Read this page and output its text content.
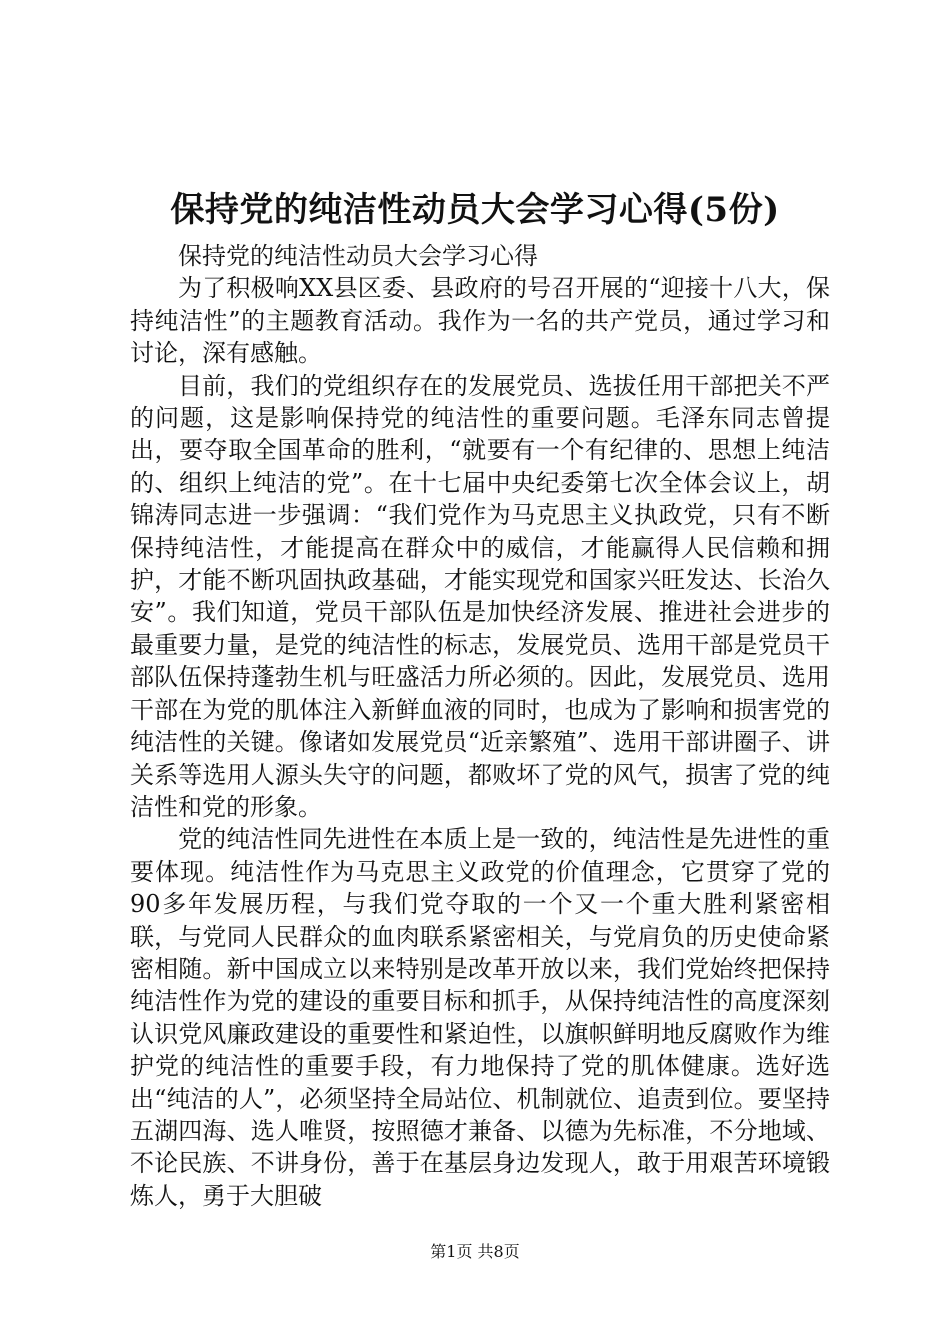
保持党的纯洁性动员大会学习心得(5份)

保持党的纯洁性动员大会学习心得

为了积极响XX县区委、县政府的号召开展的“迎接十八大，保持纯洁性”的主题教育活动。我作为一名的共产党员，通过学习和讨论，深有感触。

目前，我们的党组织存在的发展党员、选拔任用干部把关不严的问题，这是影响保持党的纯洁性的重要问题。毛泽东同志曾提出，要夺取全国革命的胜利，“就要有一个有纪律的、思想上纯洁的、组织上纯洁的党”。在十七届中央纪委第七次全体会议上，胡锦涛同志进一步强调：“我们党作为马克思主义执政党，只有不断保持纯洁性，才能提高在群众中的威信，才能赢得人民信赖和拥护，才能不断巩固执政基础，才能实现党和国家兴旺发达、长治久安”。我们知道，党员干部队伍是加快经济发展、推进社会进步的最重要力量，是党的纯洁性的标志，发展党员、选用干部是党员干部队伍保持蓬勃生机与旺盛活力所必须的。因此，发展党员、选用干部在为党的肌体注入新鲜血液的同时，也成为了影响和损害党的纯洁性的关键。像诸如发展党员“近亲繁殖”、选用干部讲圈子、讲关系等选用人源头失守的问题，都败坏了党的风气，损害了党的纯洁性和党的形象。

党的纯洁性同先进性在本质上是一致的，纯洁性是先进性的重要体现。纯洁性作为马克思主义政党的价值理念，它贯穿了党的90多年发展历程，与我们党夺取的一个又一个重大胜利紧密相联，与党同人民群众的血肉联系紧密相关，与党肩负的历史使命紧密相随。新中国成立以来特别是改革开放以来，我们党始终把保持纯洁性作为党的建设的重要目标和抓手，从保持纯洁性的高度深刻认识党风廉政建设的重要性和紧迫性，以旗帜鲜明地反腐败作为维护党的纯洁性的重要手段，有力地保持了党的肌体健康。选好选出“纯洁的人”，必须坚持全局站位、机制就位、追责到位。要坚持五湖四海、选人唯贤，按照德才兼备、以德为先标准，不分地域、不论民族、不讲身份，善于在基层身边发现人，敢于用艰苦环境锻炼人，勇于大胆破

第1页 共8页
